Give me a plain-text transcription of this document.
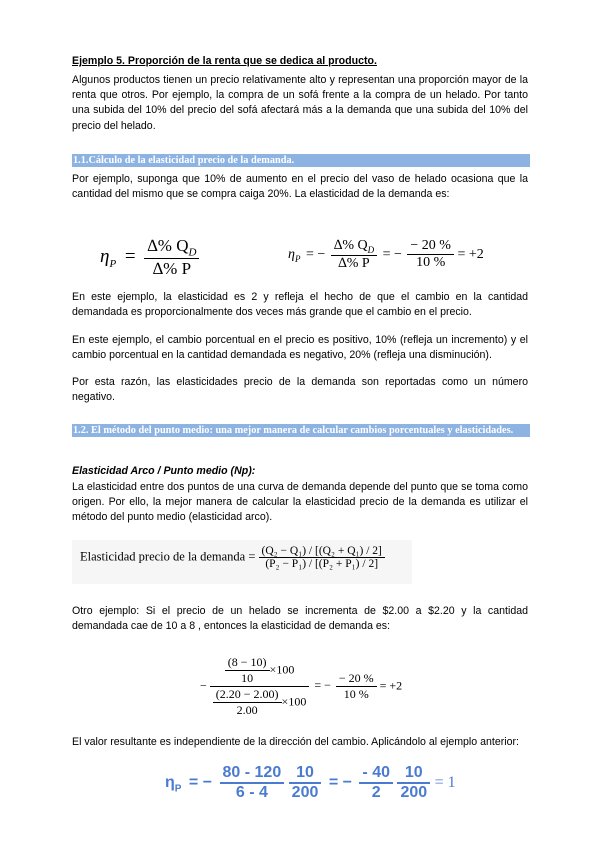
Ejemplo 5. Proporción de la renta que se dedica al producto.
Algunos productos tienen un precio relativamente alto y representan una proporción mayor de la renta que otros. Por ejemplo, la compra de un sofá frente a la compra de un helado. Por tanto una subida del 10% del precio del sofá afectará más a la demanda que una subida del 10% del precio del helado.
1.1.Cálculo de la elasticidad precio de la demanda.
Por ejemplo, suponga que 10% de aumento en el precio del vaso de helado ocasiona que la cantidad del mismo que se compra caiga 20%. La elasticidad de la demanda es:
$\eta_P = \frac{\Delta\% Q_D}{\Delta\% P}$	$\eta_P$ = − $\frac{\Delta\% Q_D}{\Delta\% P}$ = − $\frac{- 20 \%}{10 \%} = +2$
En este ejemplo, la elasticidad es 2 y refleja el hecho de que el cambio en la cantidad demandada es proporcionalmente dos veces más grande que el cambio en el precio.
En este ejemplo, el cambio porcentual en el precio es positivo, 10% (refleja un incremento) y el cambio porcentual en la cantidad demandada es negativo, 20% (refleja una disminución).
Por esta razón, las elasticidades precio de la demanda son reportadas como un número negativo.
1.2. El método del punto medio: una mejor manera de calcular cambios porcentuales y elasticidades.
Elasticidad Arco / Punto medio (Np):
La elasticidad entre dos puntos de una curva de demanda depende del punto que se toma como origen. Por ello, la mejor manera de calcular la elasticidad precio de la demanda es utilizar el método del punto medio (elasticidad arco).
Elasticidad precio de la demanda = $\frac{\text{(Q₂ − Q₁) / [(Q₂ + Q₁) / 2]}}{\text{(P₂ − P₁) / [(P₂ + P₁) / 2]}}$
Otro ejemplo: Si el precio de un helado se incrementa de $2.00 a $2.20 y la cantidad demandada cae de 10 a 8 , entonces la elasticidad de demanda es:
− $\frac{\frac{(8 - 10)}{10} \times 100}{\frac{(2.20 - 2.00)}{2.00} \times 100}$ = − $\frac{- 20 \%}{10 \%} = +2$
El valor resultante es independiente de la dirección del cambio. Aplicándolo al ejemplo anterior:
$\eta_P$ = − $\frac{80 - 120}{6 - 4}$
$\frac{10}{200}$ = − $\frac{- 40}{2}$
$\frac{10}{200} = 1$
